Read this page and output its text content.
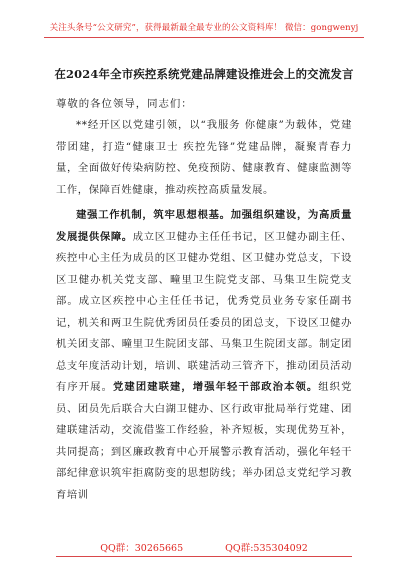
关注头条号“公文研究”，获得最新最全最专业的公文资料库！ 微信：gongwenyj
在2024年全市疾控系统党建品牌建设推进会上的交流发言
尊敬的各位领导，同志们：
**经开区以党建引领，以“我服务 你健康”为载体，党建带团建，打造“健康卫士 疾控先锋”党建品牌，凝聚青春力量，全面做好传染病防控、免疫预防、健康教育、健康监测等工作，保障百姓健康，推动疾控高质量发展。
建强工作机制，筑牢思想根基。加强组织建设，为高质量发展提供保障。成立区卫健办主任任书记，区卫健办副主任、疾控中心主任为成员的区卫健办党组、区卫健办党总支，下设区卫健办机关党支部、疃里卫生院党支部、马集卫生院党支部。成立区疾控中心主任任书记，优秀党员业务专家任副书记，机关和两卫生院优秀团员任委员的团总支，下设区卫健办机关团支部、疃里卫生院团支部、马集卫生院团支部。制定团总支年度活动计划，培训、联建活动三管齐下，推动团员活动有序开展。党建团建联建，增强年轻干部政治本领。组织党员、团员先后联合大白湖卫健办、区行政审批局举行党建、团建联建活动，交流借鉴工作经验，补齐短板，实现优势互补，共同提高；到区廉政教育中心开展警示教育活动，强化年轻干部纪律意识筑牢拒腐防变的思想防线；举办团总支党纪学习教育培训
QQ群：30265665	QQ群:535304092
